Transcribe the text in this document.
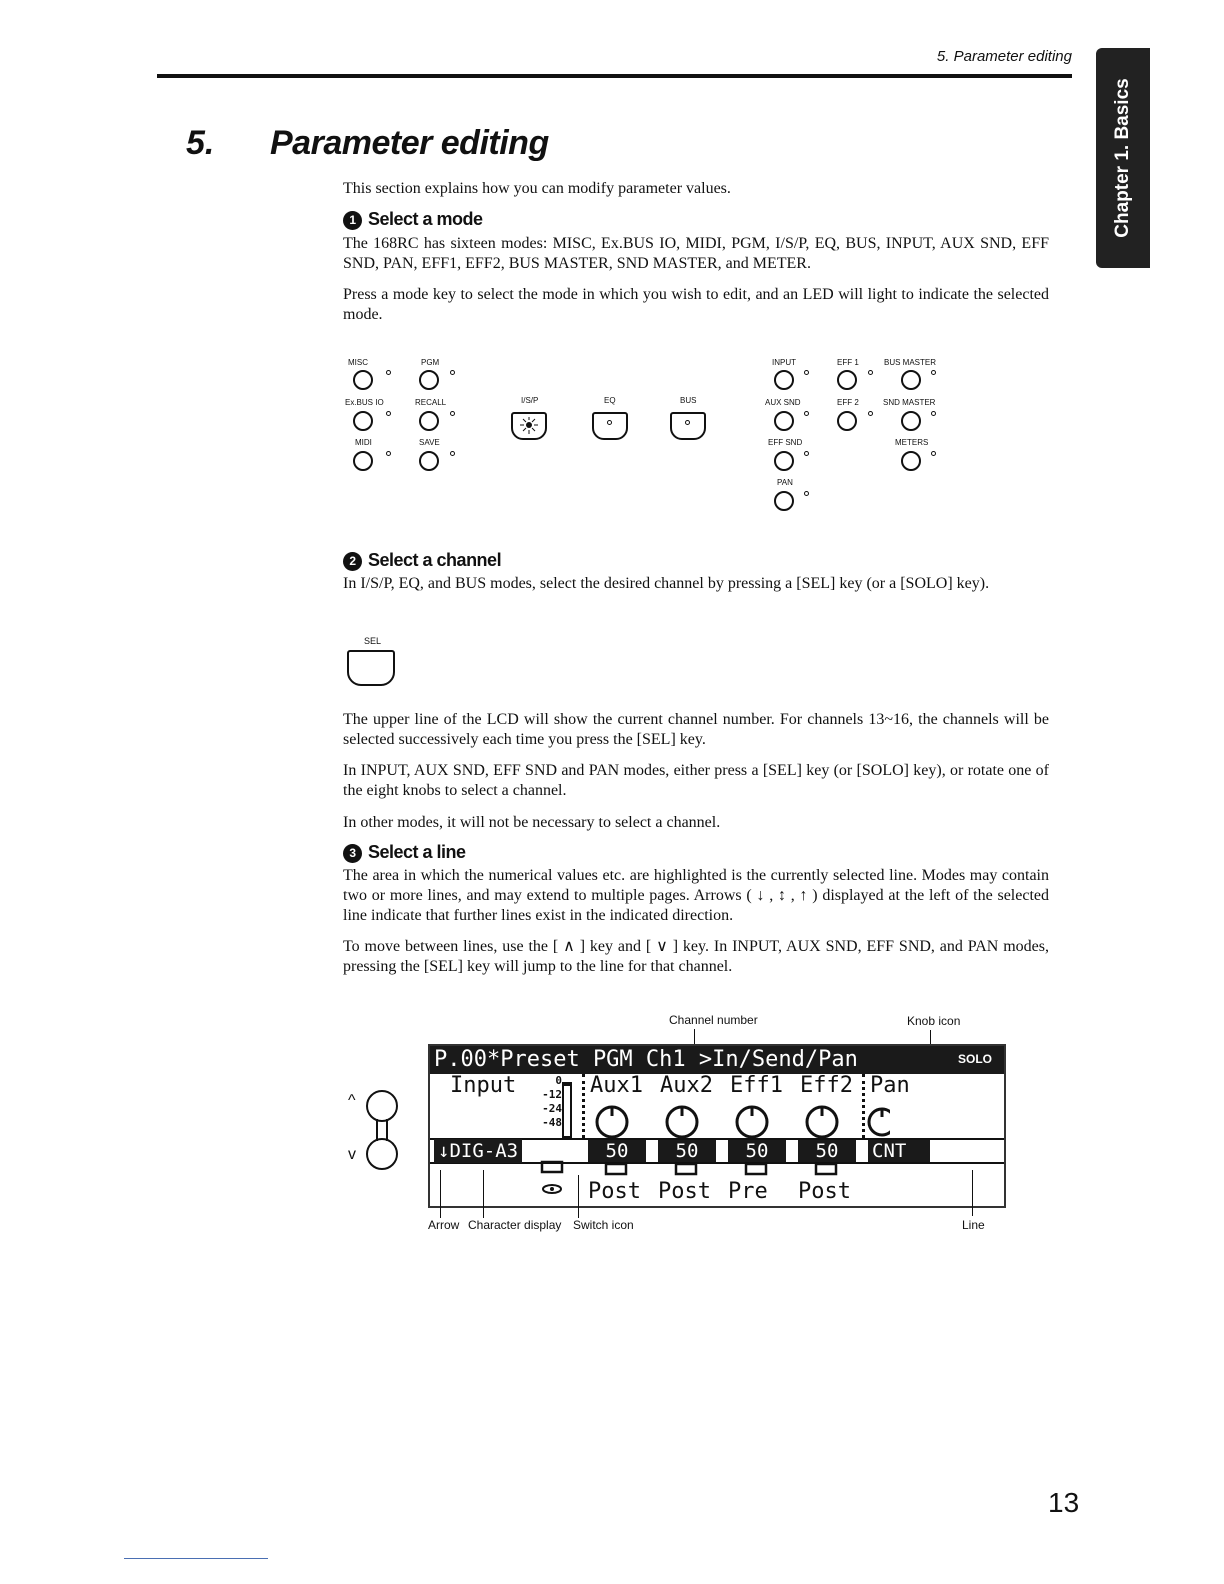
5. Parameter editing
Chapter 1. Basics
5. Parameter editing

This section explains how you can modify parameter values.

1 Select a mode

The 168RC has sixteen modes: MISC, Ex.BUS IO, MIDI, PGM, I/S/P, EQ, BUS, INPUT, AUX SND, EFF SND, PAN, EFF1, EFF2, BUS MASTER, SND MASTER, and METER.

Press a mode key to select the mode in which you wish to edit, and an LED will light to indicate the selected mode.

MISC
Ex.BUS IO
MIDI
PGM
RECALL
SAVE
I/S/P	EQ	BUS
INPUT
AUX SND
EFF SND
PAN
EFF 1
EFF 2
BUS MASTER
SND MASTER
METERS
2 Select a channel

In I/S/P, EQ, and BUS modes, select the desired channel by pressing a [SEL] key (or a [SOLO] key).

SEL

The upper line of the LCD will show the current channel number. For channels 13~16, the channels will be selected successively each time you press the [SEL] key.

In INPUT, AUX SND, EFF SND and PAN modes, either press a [SEL] key (or [SOLO] key), or rotate one of the eight knobs to select a channel.

In other modes, it will not be necessary to select a channel.

3 Select a line

The area in which the numerical values etc. are highlighted is the currently selected line. Modes may contain two or more lines, and may extend to multiple pages. Arrows ( ↓ , ↕ , ↑ ) displayed at the left of the selected line indicate that further lines exist in the indicated direction.

To move between lines, use the [ ∧ ] key and [ ∨ ] key. In INPUT, AUX SND, EFF SND, and PAN modes, pressing the [SEL] key will jump to the line for that channel.

Channel number	Knob icon
^
v
P.00*Preset PGM Ch1 >In/Send/Pan	SOLO
Input	0
-12
-24
-48
Aux1 Aux2 Eff1 Eff2 Pan
↓DIG-A3	50	50	50	50	CNT
Post Post Pre Post
Arrow Character display Switch icon	Line
13
